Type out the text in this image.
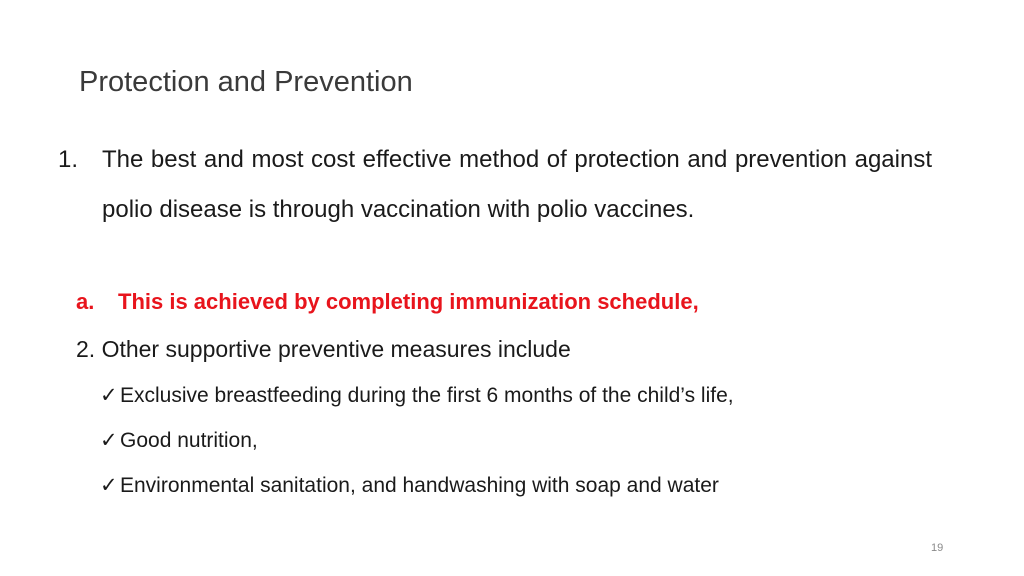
Protection and Prevention
1. The best and most cost effective method of protection and prevention against polio disease is through vaccination with polio vaccines.
a. This is achieved by completing immunization schedule,
2. Other supportive preventive measures include
✓ Exclusive breastfeeding during the first 6 months of the child’s life,
✓ Good nutrition,
✓ Environmental sanitation, and handwashing with soap and water
19
